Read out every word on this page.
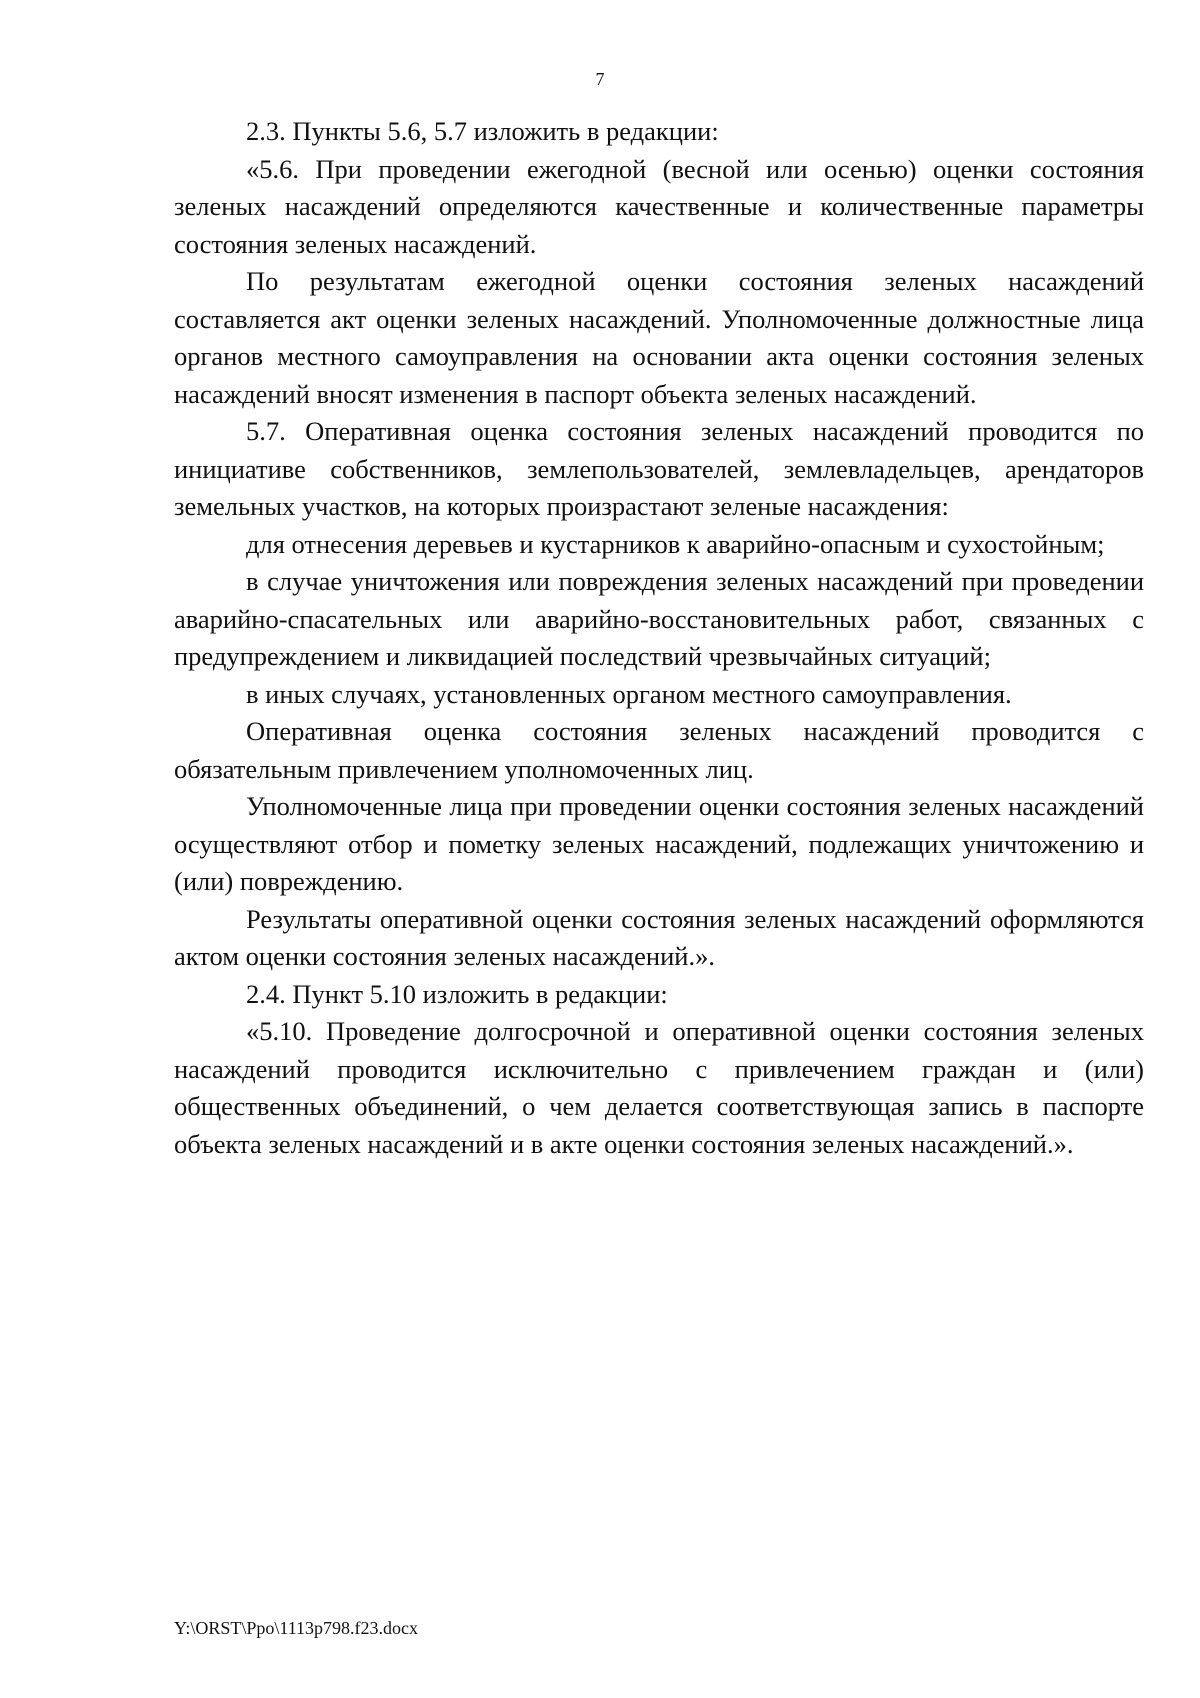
7

2.3. Пункты 5.6, 5.7 изложить в редакции:

«5.6. При проведении ежегодной (весной или осенью) оценки состояния зеленых насаждений определяются качественные и количественные параметры состояния зеленых насаждений.

По результатам ежегодной оценки состояния зеленых насаждений составляется акт оценки зеленых насаждений. Уполномоченные должностные лица органов местного самоуправления на основании акта оценки состояния зеленых насаждений вносят изменения в паспорт объекта зеленых насаждений.

5.7. Оперативная оценка состояния зеленых насаждений проводится по инициативе собственников, землепользователей, землевладельцев, арендаторов земельных участков, на которых произрастают зеленые насаждения:

для отнесения деревьев и кустарников к аварийно-опасным и сухостойным;

в случае уничтожения или повреждения зеленых насаждений при проведении аварийно-спасательных или аварийно-восстановительных работ, связанных с предупреждением и ликвидацией последствий чрезвычайных ситуаций;

в иных случаях, установленных органом местного самоуправления.

Оперативная оценка состояния зеленых насаждений проводится с обязательным привлечением уполномоченных лиц.

Уполномоченные лица при проведении оценки состояния зеленых насаждений осуществляют отбор и пометку зеленых насаждений, подлежащих уничтожению и (или) повреждению.

Результаты оперативной оценки состояния зеленых насаждений оформляются актом оценки состояния зеленых насаждений.».

2.4. Пункт 5.10 изложить в редакции:

«5.10. Проведение долгосрочной и оперативной оценки состояния зеленых насаждений проводится исключительно с привлечением граждан и (или) общественных объединений, о чем делается соответствующая запись в паспорте объекта зеленых насаждений и в акте оценки состояния зеленых насаждений.».

Y:\ORST\Ppo\1113p798.f23.docx
